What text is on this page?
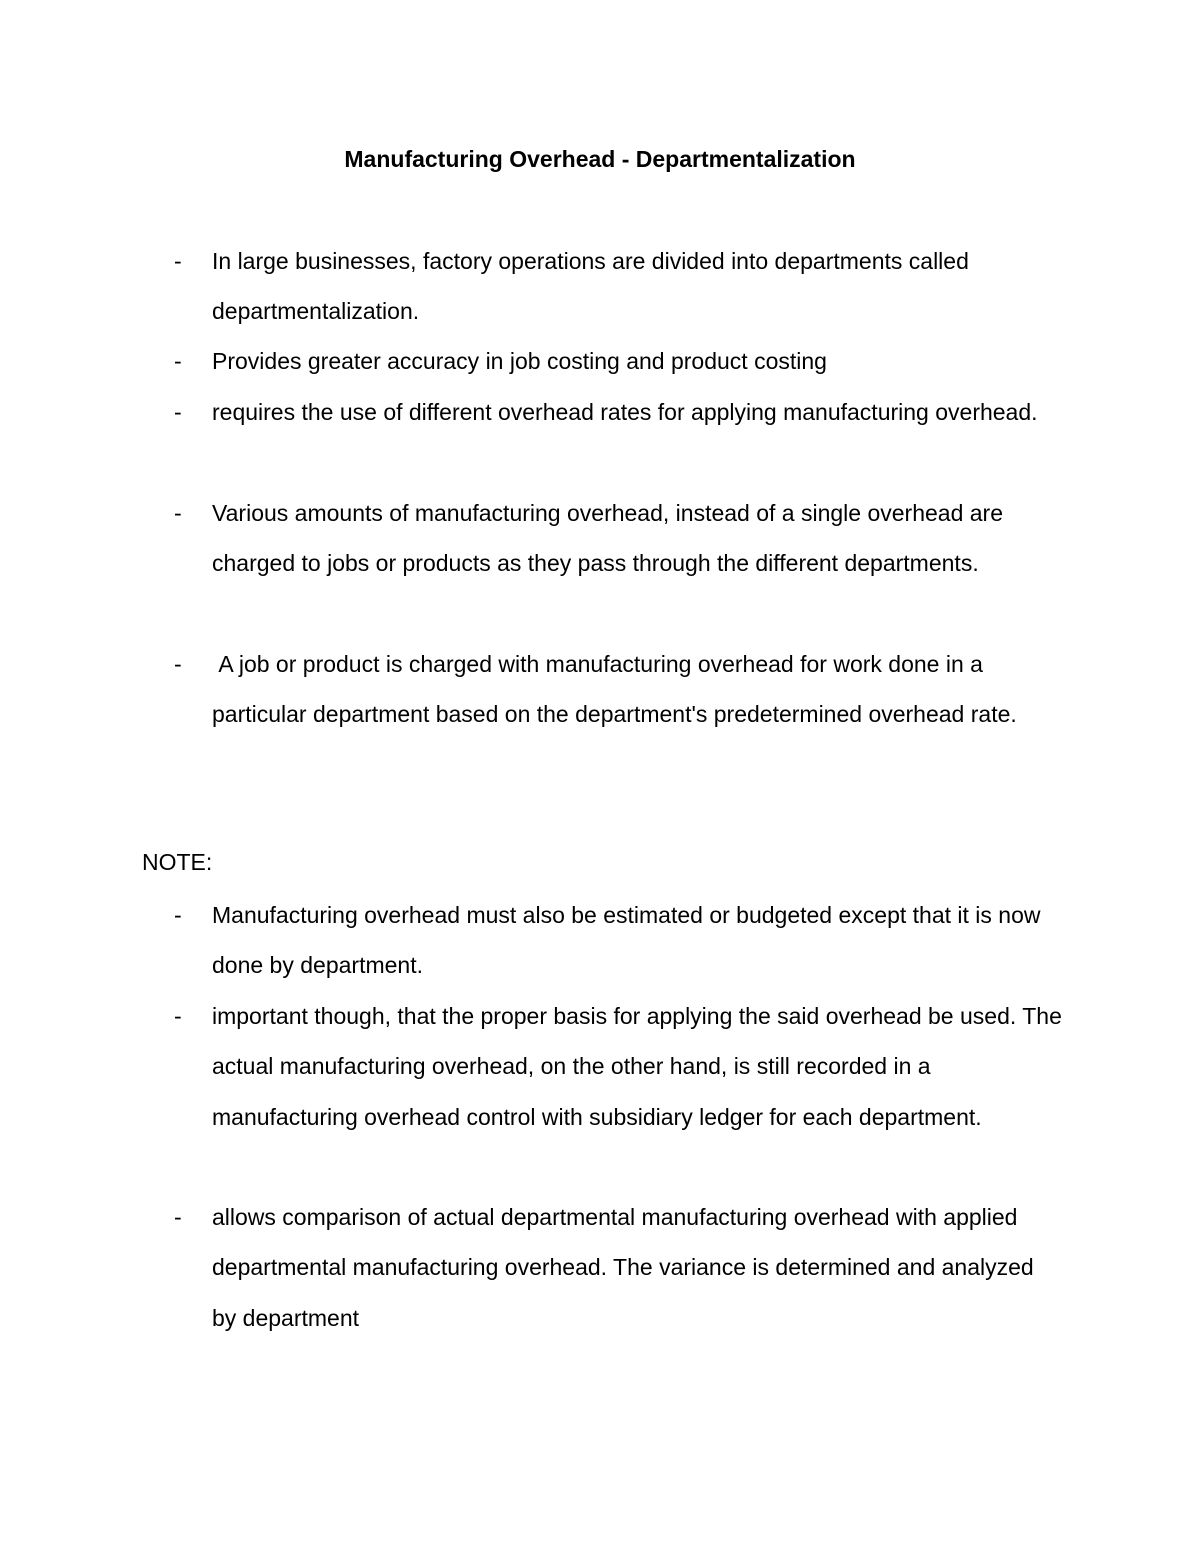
Manufacturing Overhead - Departmentalization
- In large businesses, factory operations are divided into departments called departmentalization.
- Provides greater accuracy in job costing and product costing
- requires the use of different overhead rates for applying manufacturing overhead.
- Various amounts of manufacturing overhead, instead of a single overhead are charged to jobs or products as they pass through the different departments.
- A job or product is charged with manufacturing overhead for work done in a particular department based on the department's predetermined overhead rate.
NOTE:
- Manufacturing overhead must also be estimated or budgeted except that it is now done by department.
- important though, that the proper basis for applying the said overhead be used. The actual manufacturing overhead, on the other hand, is still recorded in a manufacturing overhead control with subsidiary ledger for each department.
- allows comparison of actual departmental manufacturing overhead with applied departmental manufacturing overhead. The variance is determined and analyzed by department
